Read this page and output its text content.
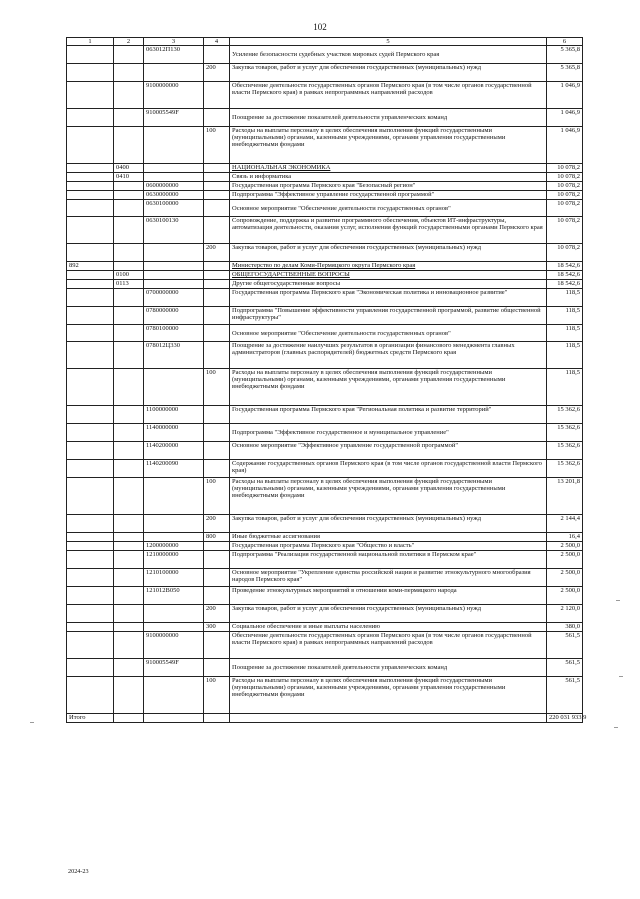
102
1	2	3	4	5	6
		063012П130		Усиление безопасности судебных участков мировых судей Пермского края	5 365,8
			200	Закупка товаров, работ и услуг для обеспечения государственных (муниципальных) нужд	5 365,8
		9100000000		Обеспечение деятельности государственных органов Пермского края (в том числе органов государственной власти Пермского края) в рамках непрограммных направлений расходов	1 046,9
		910005549F		Поощрение за достижение показателей деятельности управленческих команд	1 046,9
			100	Расходы на выплаты персоналу в целях обеспечения выполнения функций государственными (муниципальными) органами, казенными учреждениями, органами управления государственными внебюджетными фондами	1 046,9
	0400			НАЦИОНАЛЬНАЯ ЭКОНОМИКА	10 078,2
	0410			Связь и информатика	10 078,2
		0600000000		Государственная программа Пермского края "Безопасный регион"	10 078,2
		0630000000		Подпрограмма "Эффективное управление государственной программой"	10 078,2
		0630100000		Основное мероприятие "Обеспечение деятельности государственных органов"	10 078,2
		0630100130		Сопровождение, поддержка и развитие программного обеспечения, объектов ИТ-инфраструктуры, автоматизация деятельности, оказания услуг, исполнения функций государственными органами Пермского края	10 078,2
			200	Закупка товаров, работ и услуг для обеспечения государственных (муниципальных) нужд	10 078,2
892				Министерство по делам Коми-Пермяцкого округа Пермского края	18 542,6
	0100			ОБЩЕГОСУДАРСТВЕННЫЕ ВОПРОСЫ	18 542,6
	0113			Другие общегосударственные вопросы	18 542,6
		0700000000		Государственная программа Пермского края "Экономическая политика и инновационное развитие"	118,5
		0780000000		Подпрограмма "Повышение эффективности управления государственной программой, развитие общественной инфраструктуры"	118,5
		0780100000		Основное мероприятие "Обеспечение деятельности государственных органов"	118,5
		078012Ц330		Поощрение за достижение наилучших результатов в организации финансового менеджмента главных администраторов (главных распорядителей) бюджетных средств Пермского края	118,5
			100	Расходы на выплаты персоналу в целях обеспечения выполнения функций государственными (муниципальными) органами, казенными учреждениями, органами управления государственными внебюджетными фондами	118,5
		1100000000		Государственная программа Пермского края "Региональная политика и развитие территорий"	15 362,6
		1140000000		Подпрограмма "Эффективное государственное и муниципальное управление"	15 362,6
		1140200000		Основное мероприятие "Эффективное управление государственной программой"	15 362,6
		1140200090		Содержание государственных органов Пермского края (в том числе органов государственной власти Пермского края)	15 362,6
			100	Расходы на выплаты персоналу в целях обеспечения выполнения функций государственными (муниципальными) органами, казенными учреждениями, органами управления государственными внебюджетными фондами	13 201,8
			200	Закупка товаров, работ и услуг для обеспечения государственных (муниципальных) нужд	2 144,4
			800	Иные бюджетные ассигнования	16,4
		1200000000		Государственная программа Пермского края "Общество и власть"	2 500,0
		1210000000		Подпрограмма "Реализация государственной национальной политики в Пермском крае"	2 500,0
		1210100000		Основное мероприятие "Укрепление единства российской нации и развитие этнокультурного многообразия народов Пермского края"	2 500,0
		121012В050		Проведение этнокультурных мероприятий в отношении коми-пермяцкого народа	2 500,0
			200	Закупка товаров, работ и услуг для обеспечения государственных (муниципальных) нужд	2 120,0
			300	Социальное обеспечение и иные выплаты населению	380,0
		9100000000		Обеспечение деятельности государственных органов Пермского края (в том числе органов государственной власти Пермского края) в рамках непрограммных направлений расходов	561,5
		910005549F		Поощрение за достижение показателей деятельности управленческих команд	561,5
			100	Расходы на выплаты персоналу в целях обеспечения выполнения функций государственными (муниципальными) органами, казенными учреждениями, органами управления государственными внебюджетными фондами	561,5
Итого					220 031 933,9
2024-23
